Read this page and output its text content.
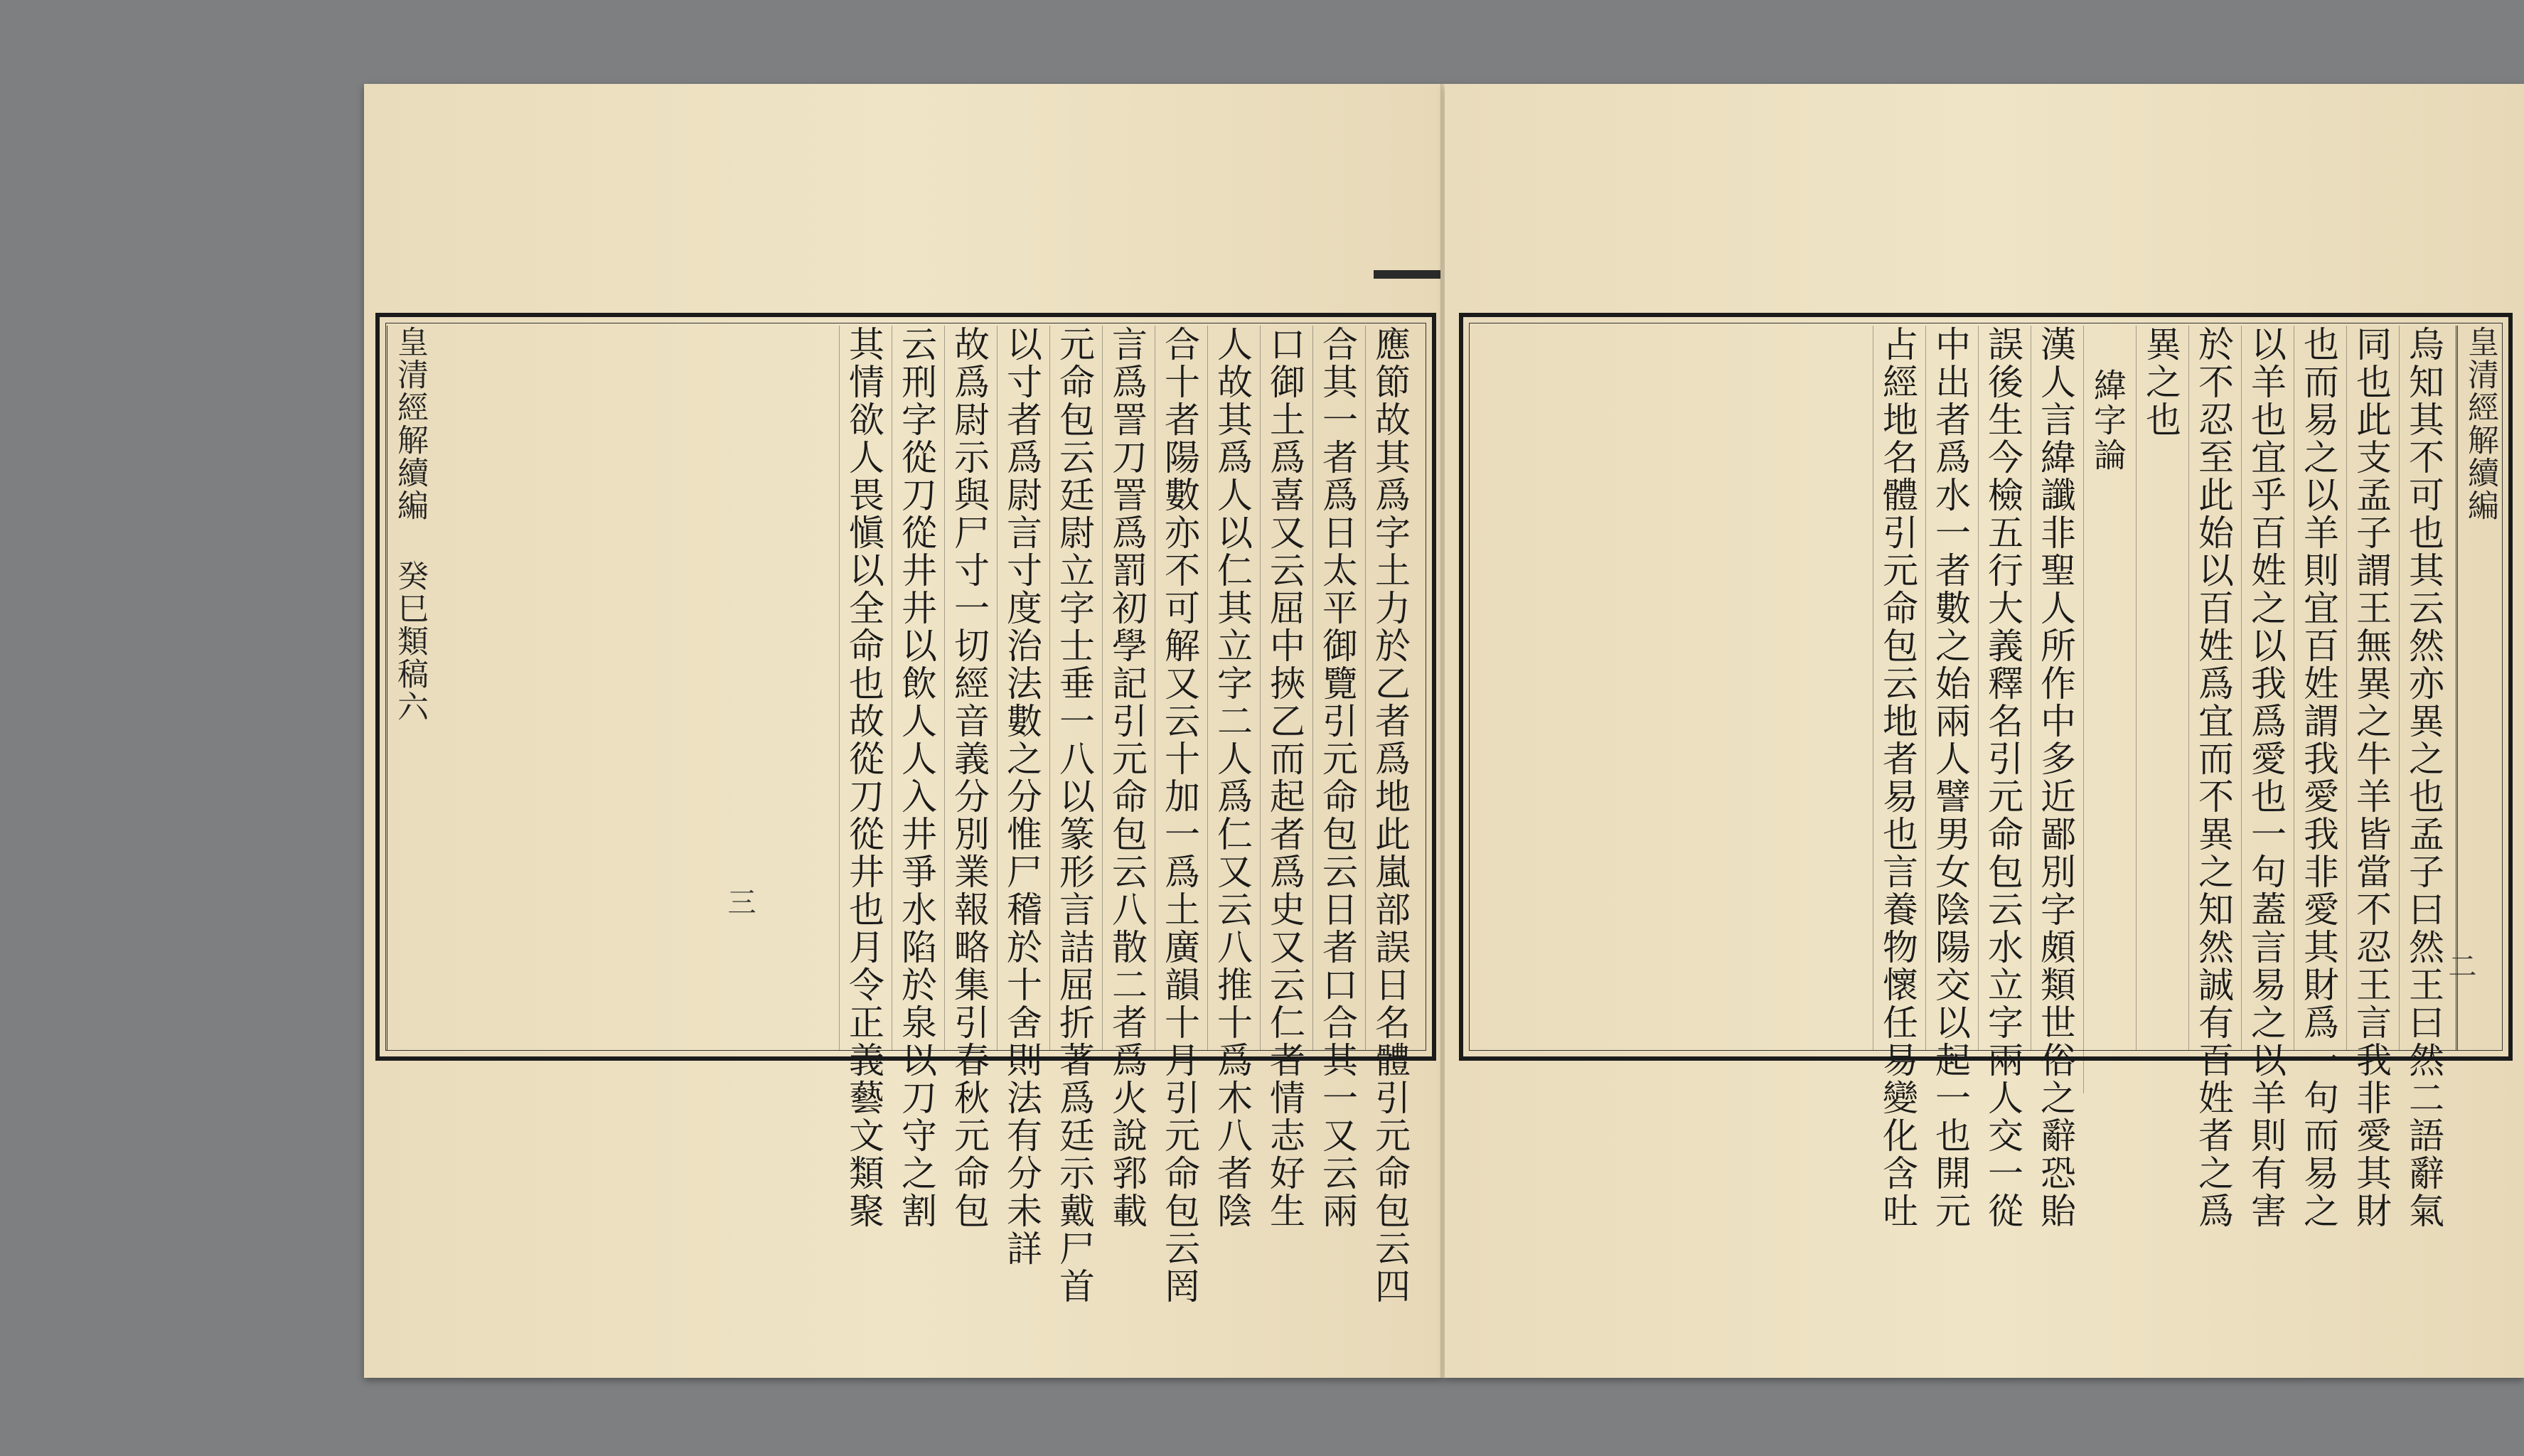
應節故其爲字土力於乙者爲地此嵐部誤日名體引元命包云四
合其一者爲日太平御覽引元命包云日者口合其一又云兩
口御土爲喜又云屈中挾乙而起者爲史又云仁者情志好生
人故其爲人以仁其立字二人爲仁又云八推十爲木八者陰
合十者陽數亦不可解又云十加一爲土廣韻十月引元命包云罔
言爲詈刀詈爲罰初學記引元命包云八散二者爲火說郛載
元命包云廷尉立字士垂一八以篆形言詰屈折著爲廷示戴尸首
以寸者爲尉言寸度治法數之分惟尸稽於十舍則法有分未詳
故爲尉示與尸寸一切經音義分別業報略集引春秋元命包
云刑字從刀從井井以飲人人入井爭水陷於泉以刀守之割
其情欲人畏愼以全命也故從刀從井也月令正義藝文類聚
皇清經解續編 癸巳類稿六
三
皇清經解續編
烏知其不可也其云然亦異之也孟子曰然王曰然二語辭氣
同也此支孟子謂王無異之牛羊皆當不忍王言我非愛其財
也而易之以羊則宜百姓謂我愛我非愛其財爲一句而易之
以羊也宜乎百姓之以我爲愛也一句蓋言易之以羊則有害
於不忍至此始以百姓爲宜而不異之知然誠有百姓者之爲
異之也
緯字論
漢人言緯讖非聖人所作中多近鄙別字頗類世俗之辭恐貽
誤後生今檢五行大義釋名引元命包云水立字兩人交一從
中出者爲水一者數之始兩人譬男女陰陽交以起一也開元
占經地名體引元命包云地者易也言養物懷任易變化含吐	二
